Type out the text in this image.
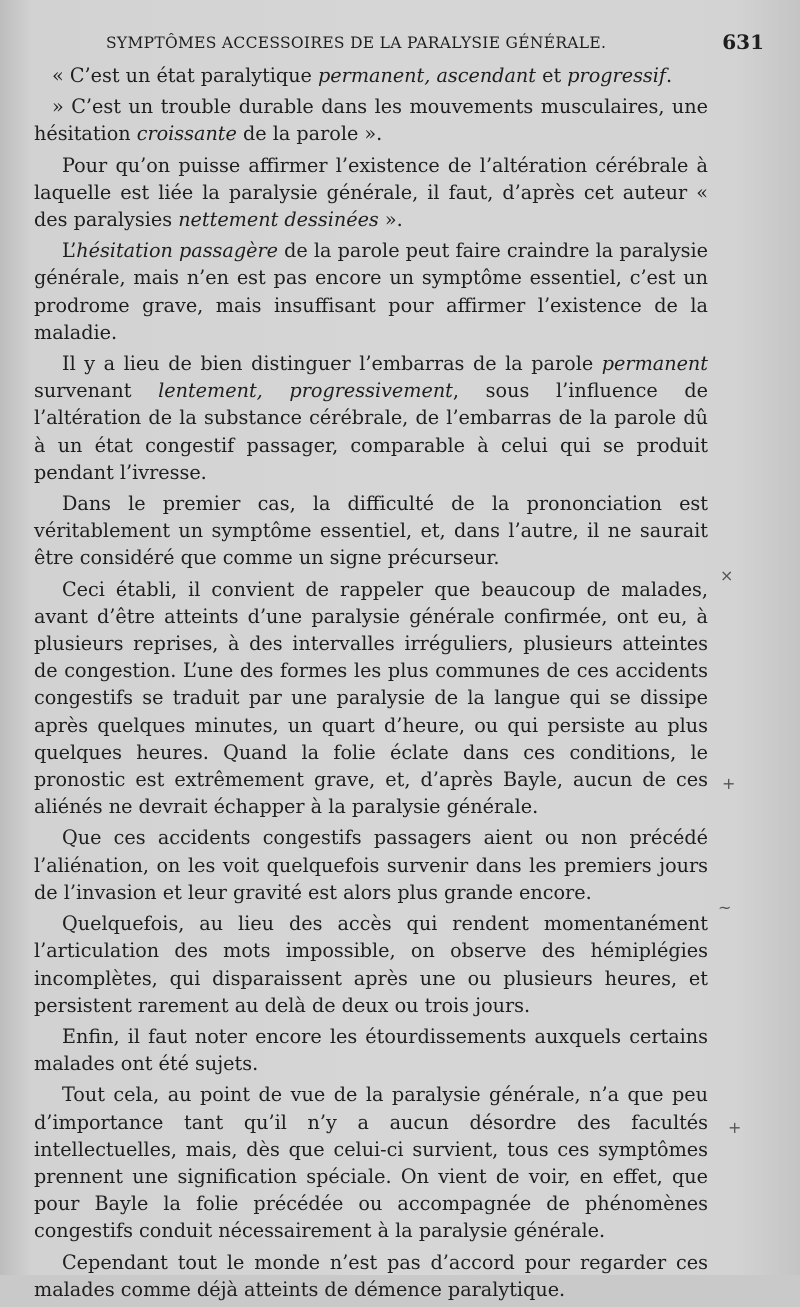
SYMPTÔMES ACCESSOIRES DE LA PARALYSIE GÉNÉRALE.	631

« C’est un état paralytique permanent, ascendant et progressif.

» C’est un trouble durable dans les mouvements musculaires, une hésitation croissante de la parole ».

Pour qu’on puisse affirmer l’existence de l’altération cérébrale à laquelle est liée la paralysie générale, il faut, d’après cet auteur « des paralysies nettement dessinées ».

L’hésitation passagère de la parole peut faire craindre la paralysie générale, mais n’en est pas encore un symptôme essentiel, c’est un prodrome grave, mais insuffisant pour affirmer l’existence de la maladie.

Il y a lieu de bien distinguer l’embarras de la parole permanent survenant lentement, progressivement, sous l’influence de l’altération de la substance cérébrale, de l’embarras de la parole dû à un état congestif passager, comparable à celui qui se produit pendant l’ivresse.

Dans le premier cas, la difficulté de la prononciation est véritablement un symptôme essentiel, et, dans l’autre, il ne saurait être considéré que comme un signe précurseur.

Ceci établi, il convient de rappeler que beaucoup de malades, avant d’être atteints d’une paralysie générale confirmée, ont eu, à plusieurs reprises, à des intervalles irréguliers, plusieurs atteintes de congestion. L’une des formes les plus communes de ces accidents congestifs se traduit par une paralysie de la langue qui se dissipe après quelques minutes, un quart d’heure, ou qui persiste au plus quelques heures. Quand la folie éclate dans ces conditions, le pronostic est extrêmement grave, et, d’après Bayle, aucun de ces aliénés ne devrait échapper à la paralysie générale.

Que ces accidents congestifs passagers aient ou non précédé l’aliénation, on les voit quelquefois survenir dans les premiers jours de l’invasion et leur gravité est alors plus grande encore.

Quelquefois, au lieu des accès qui rendent momentanément l’articulation des mots impossible, on observe des hémiplégies incomplètes, qui disparaissent après une ou plusieurs heures, et persistent rarement au delà de deux ou trois jours.

Enfin, il faut noter encore les étourdissements auxquels certains malades ont été sujets.

Tout cela, au point de vue de la paralysie générale, n’a que peu d’importance tant qu’il n’y a aucun désordre des facultés intellectuelles, mais, dès que celui-ci survient, tous ces symptômes prennent une signification spéciale. On vient de voir, en effet, que pour Bayle la folie précédée ou accompagnée de phénomènes congestifs conduit nécessairement à la paralysie générale.

Cependant tout le monde n’est pas d’accord pour regarder ces malades comme déjà atteints de démence paralytique.

×
+
~
+
